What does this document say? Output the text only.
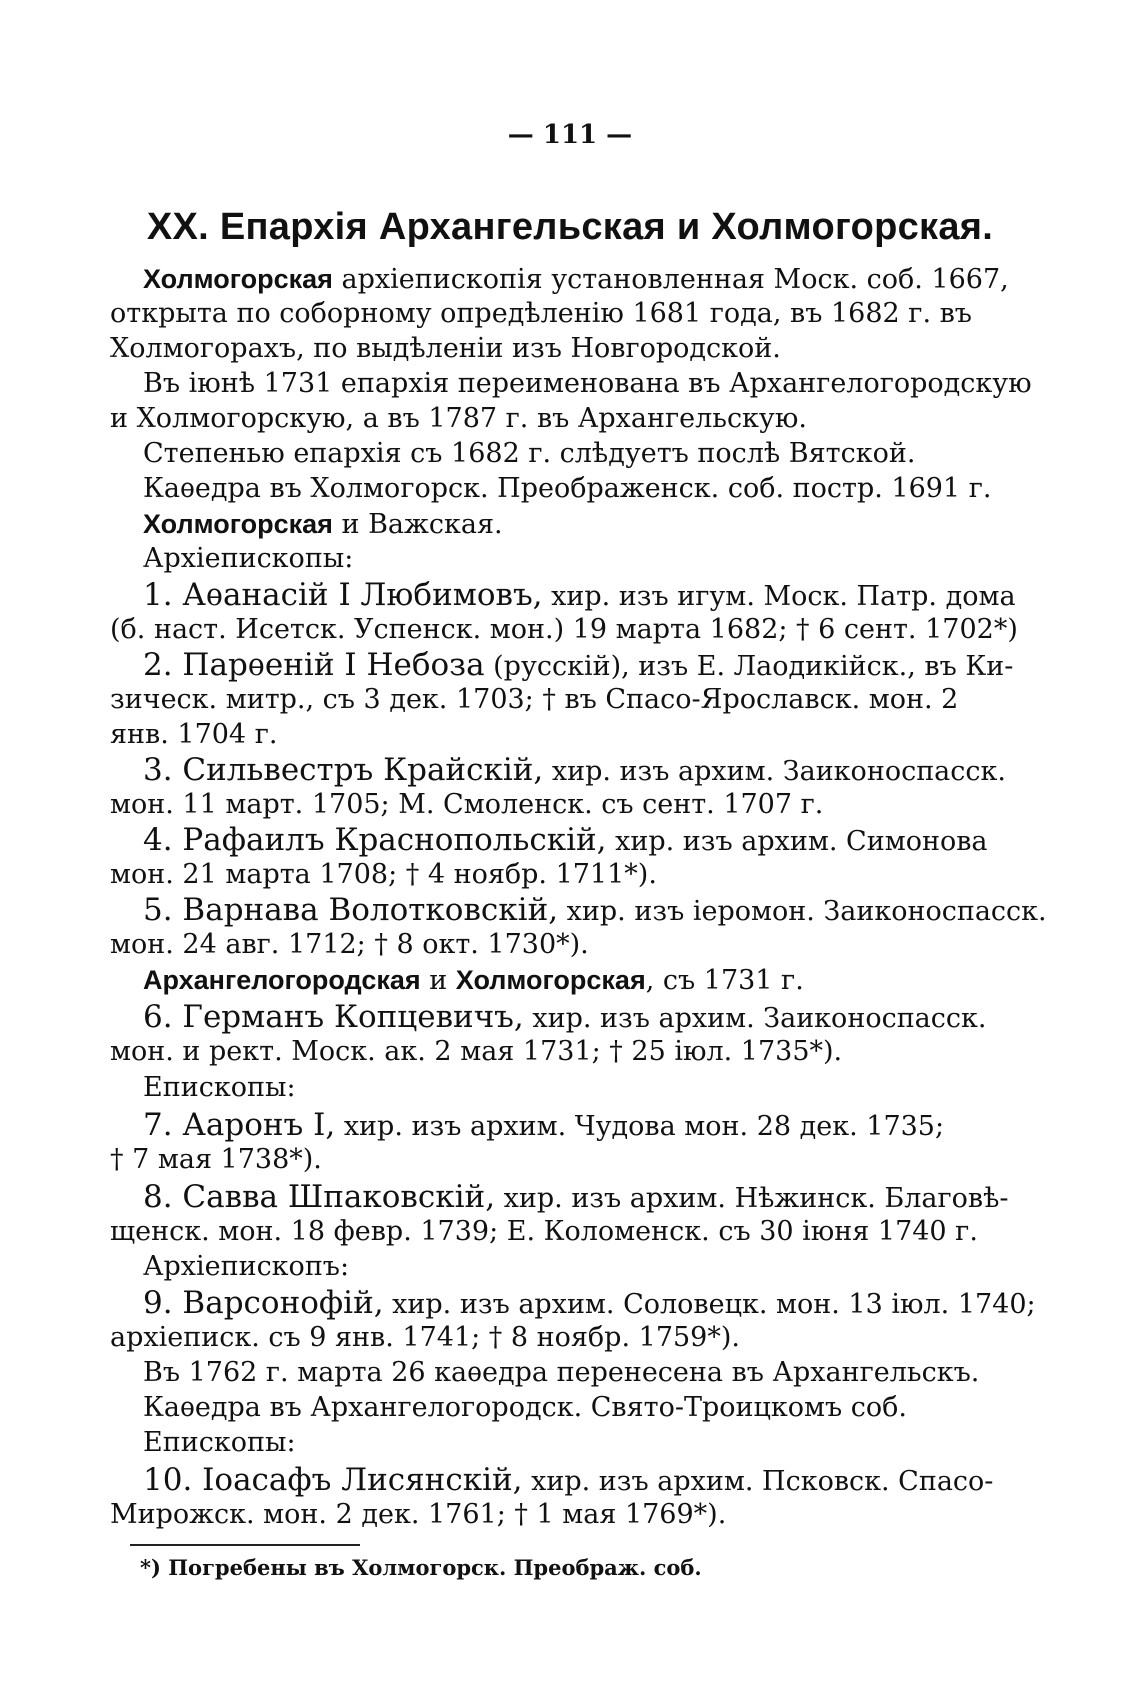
— 111 —
XX. Епархія Архангельская и Холмогорская.
Холмогорская архіепископія установленная Моск. соб. 1667,
открыта по соборному опредѣленію 1681 года, въ 1682 г. въ
Холмогорахъ, по выдѣленіи изъ Новгородской.
Въ іюнѣ 1731 епархія переименована въ Архангелогородскую
и Холмогорскую, а въ 1787 г. въ Архангельскую.
Степенью епархія съ 1682 г. слѣдуетъ послѣ Вятской.
Каѳедра въ Холмогорск. Преображенск. соб. постр. 1691 г.
Холмогорская и Важская.
Архіепископы:
1. Аѳанасій I Любимовъ, хир. изъ игум. Моск. Патр. дома
(б. наст. Исетск. Успенск. мон.) 19 марта 1682; † 6 сент. 1702*)
2. Парѳеній I Небоза (русскій), изъ Е. Лаодикійск., въ Ки-
зическ. митр., съ 3 дек. 1703; † въ Спасо-Ярославск. мон. 2
янв. 1704 г.
3. Сильвестръ Крайскій, хир. изъ архим. Заиконоспасск.
мон. 11 март. 1705; М. Смоленск. съ сент. 1707 г.
4. Рафаилъ Краснопольскій, хир. изъ архим. Симонова
мон. 21 марта 1708; † 4 ноябр. 1711*).
5. Варнава Волотковскій, хир. изъ іеромон. Заиконоспасск.
мон. 24 авг. 1712; † 8 окт. 1730*).
Архангелогородская и Холмогорская, съ 1731 г.
6. Германъ Копцевичъ, хир. изъ архим. Заиконоспасск.
мон. и рект. Моск. ак. 2 мая 1731; † 25 іюл. 1735*).
Епископы:
7. Ааронъ I, хир. изъ архим. Чудова мон. 28 дек. 1735;
† 7 мая 1738*).
8. Савва Шпаковскій, хир. изъ архим. Нѣжинск. Благовѣ-
щенск. мон. 18 февр. 1739; Е. Коломенск. съ 30 іюня 1740 г.
Архіепископъ:
9. Варсонофій, хир. изъ архим. Соловецк. мон. 13 іюл. 1740;
архіеписк. съ 9 янв. 1741; † 8 ноябр. 1759*).
Въ 1762 г. марта 26 каѳедра перенесена въ Архангельскъ.
Каѳедра въ Архангелогородск. Свято-Троицкомъ соб.
Епископы:
10. Іоасафъ Лисянскій, хир. изъ архим. Псковск. Спасо-
Мирожск. мон. 2 дек. 1761; † 1 мая 1769*).
*) Погребены въ Холмогорск. Преображ. соб.
